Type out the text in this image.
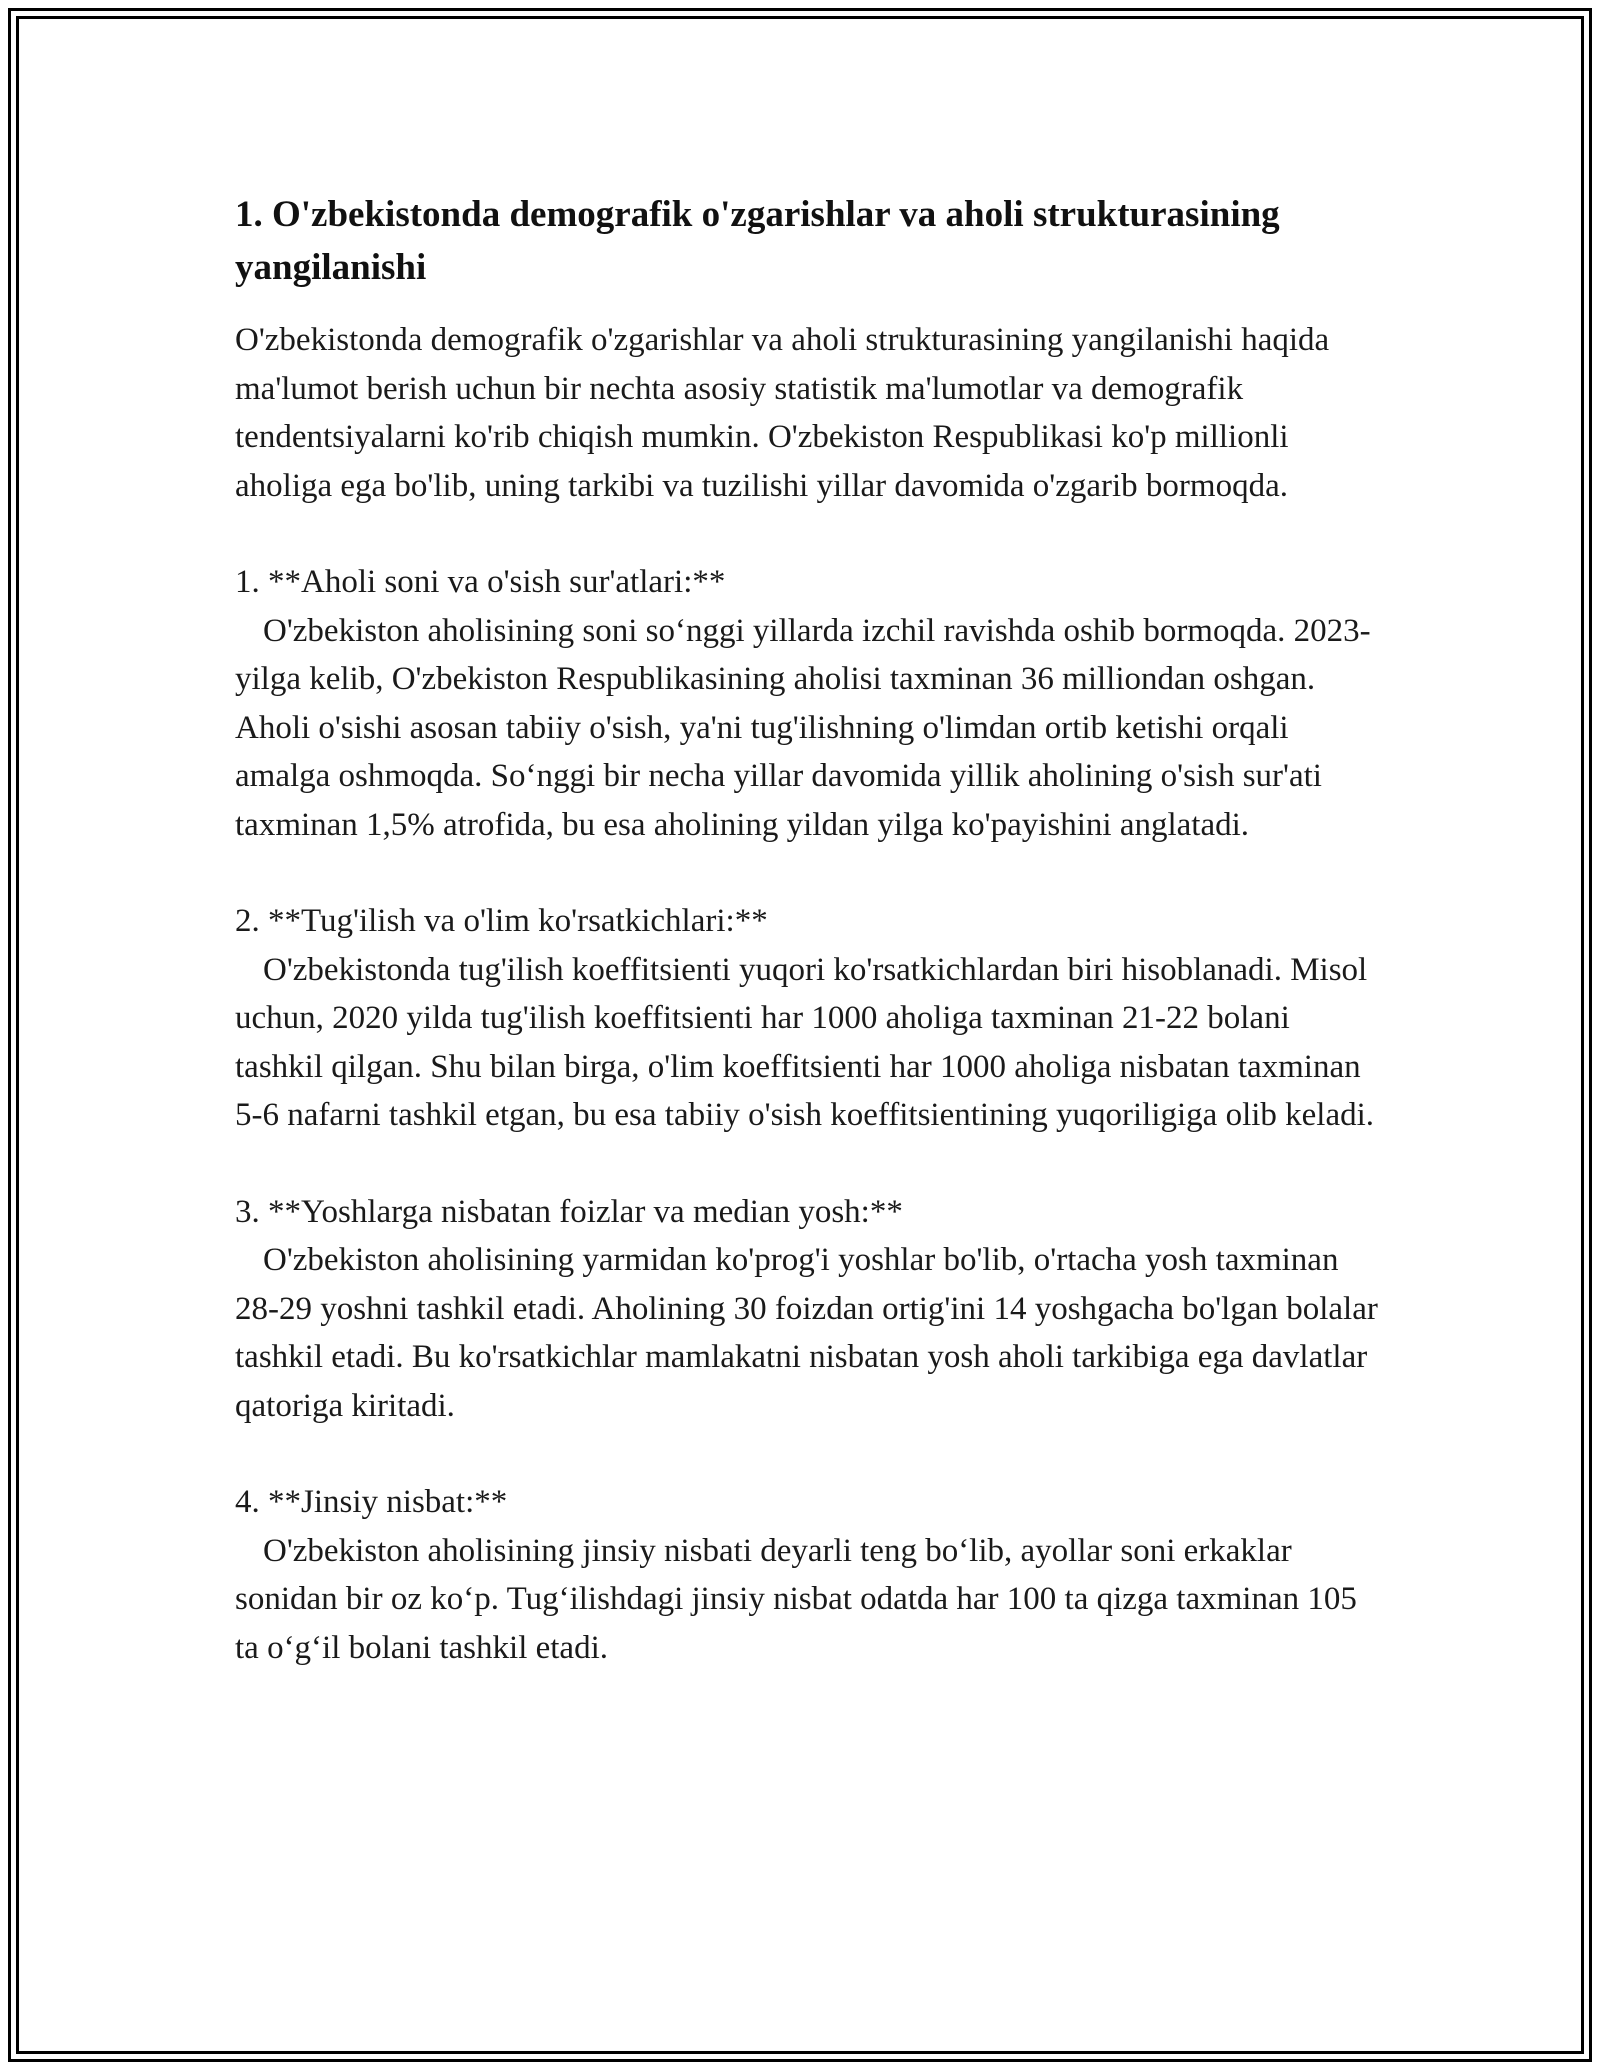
1. O'zbekistonda demografik o'zgarishlar va aholi strukturasining yangilanishi

O'zbekistonda demografik o'zgarishlar va aholi strukturasining yangilanishi haqida ma'lumot berish uchun bir nechta asosiy statistik ma'lumotlar va demografik tendentsiyalarni ko'rib chiqish mumkin. O'zbekiston Respublikasi ko'p millionli aholiga ega bo'lib, uning tarkibi va tuzilishi yillar davomida o'zgarib bormoqda.

1. **Aholi soni va o'sish sur'atlari:**

O'zbekiston aholisining soni so‘nggi yillarda izchil ravishda oshib bormoqda. 2023-yilga kelib, O'zbekiston Respublikasining aholisi taxminan 36 milliondan oshgan. Aholi o'sishi asosan tabiiy o'sish, ya'ni tug'ilishning o'limdan ortib ketishi orqali amalga oshmoqda. So‘nggi bir necha yillar davomida yillik aholining o'sish sur'ati taxminan 1,5% atrofida, bu esa aholining yildan yilga ko'payishini anglatadi.

2. **Tug'ilish va o'lim ko'rsatkichlari:**

O'zbekistonda tug'ilish koeffitsienti yuqori ko'rsatkichlardan biri hisoblanadi. Misol uchun, 2020 yilda tug'ilish koeffitsienti har 1000 aholiga taxminan 21-22 bolani tashkil qilgan. Shu bilan birga, o'lim koeffitsienti har 1000 aholiga nisbatan taxminan 5-6 nafarni tashkil etgan, bu esa tabiiy o'sish koeffitsientining yuqoriligiga olib keladi.

3. **Yoshlarga nisbatan foizlar va median yosh:**

O'zbekiston aholisining yarmidan ko'prog'i yoshlar bo'lib, o'rtacha yosh taxminan 28-29 yoshni tashkil etadi. Aholining 30 foizdan ortig'ini 14 yoshgacha bo'lgan bolalar tashkil etadi. Bu ko'rsatkichlar mamlakatni nisbatan yosh aholi tarkibiga ega davlatlar qatoriga kiritadi.

4. **Jinsiy nisbat:**

O'zbekiston aholisining jinsiy nisbati deyarli teng bo‘lib, ayollar soni erkaklar sonidan bir oz ko‘p. Tug‘ilishdagi jinsiy nisbat odatda har 100 ta qizga taxminan 105 ta o‘g‘il bolani tashkil etadi.
